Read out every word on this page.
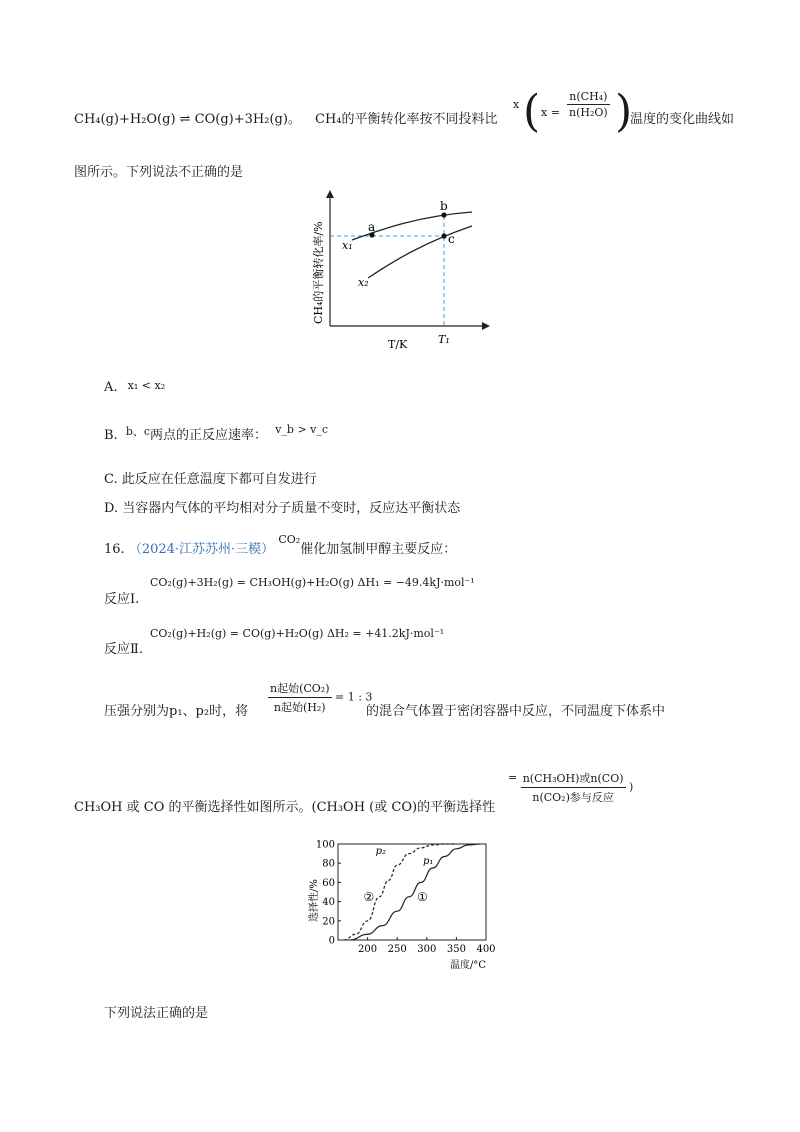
CH₄(g)+H₂O(g) ⇌ CO(g)+3H₂(g)。 CH₄的平衡转化率按不同投料比
x ( $x = \frac{\text{n(CH₄)}}{\text{n(H₂O)}}$ )
温度的变化曲线如
图所示。下列说法不正确的是
a
b
c
x₁
x₂
T₁
T/K
CH₄的平衡转化率/%
A. x₁ < x₂
B. $^{b、c}$两点的正反应速率： $^{v\_b > v\_c}$
C. 此反应在任意温度下都可自发进行
D. 当容器内气体的平均相对分子质量不变时，反应达平衡状态
16. （2024·江苏苏州·三模） $^{CO_2}$催化加氢制甲醇主要反应：
反应Ⅰ.
CO₂(g)+3H₂(g) = CH₃OH(g)+H₂O(g) ΔH₁ = −49.4kJ·mol⁻¹
反应Ⅱ.
CO₂(g)+H₂(g) = CO(g)+H₂O(g) ΔH₂ = +41.2kJ·mol⁻¹
压强分别为p₁、p₂时，将 $\frac{\text{n起始(CO₂)}}{\text{n起始(H₂)}} = 1$ : 3
的混合气体置于密闭容器中反应，不同温度下体系中
CH₃OH 或 CO 的平衡选择性如图所示。(CH₃OH (或 CO)的平衡选择性
= $\frac{\text{n(CH₃OH)或n(CO)}}{\text{n(CO₂)参与反应}}$ )
0
20
40
60
80
100
200 250 300 350 400
p₁
①
p₂
②
选择性/%
温度/°C
下列说法正确的是
